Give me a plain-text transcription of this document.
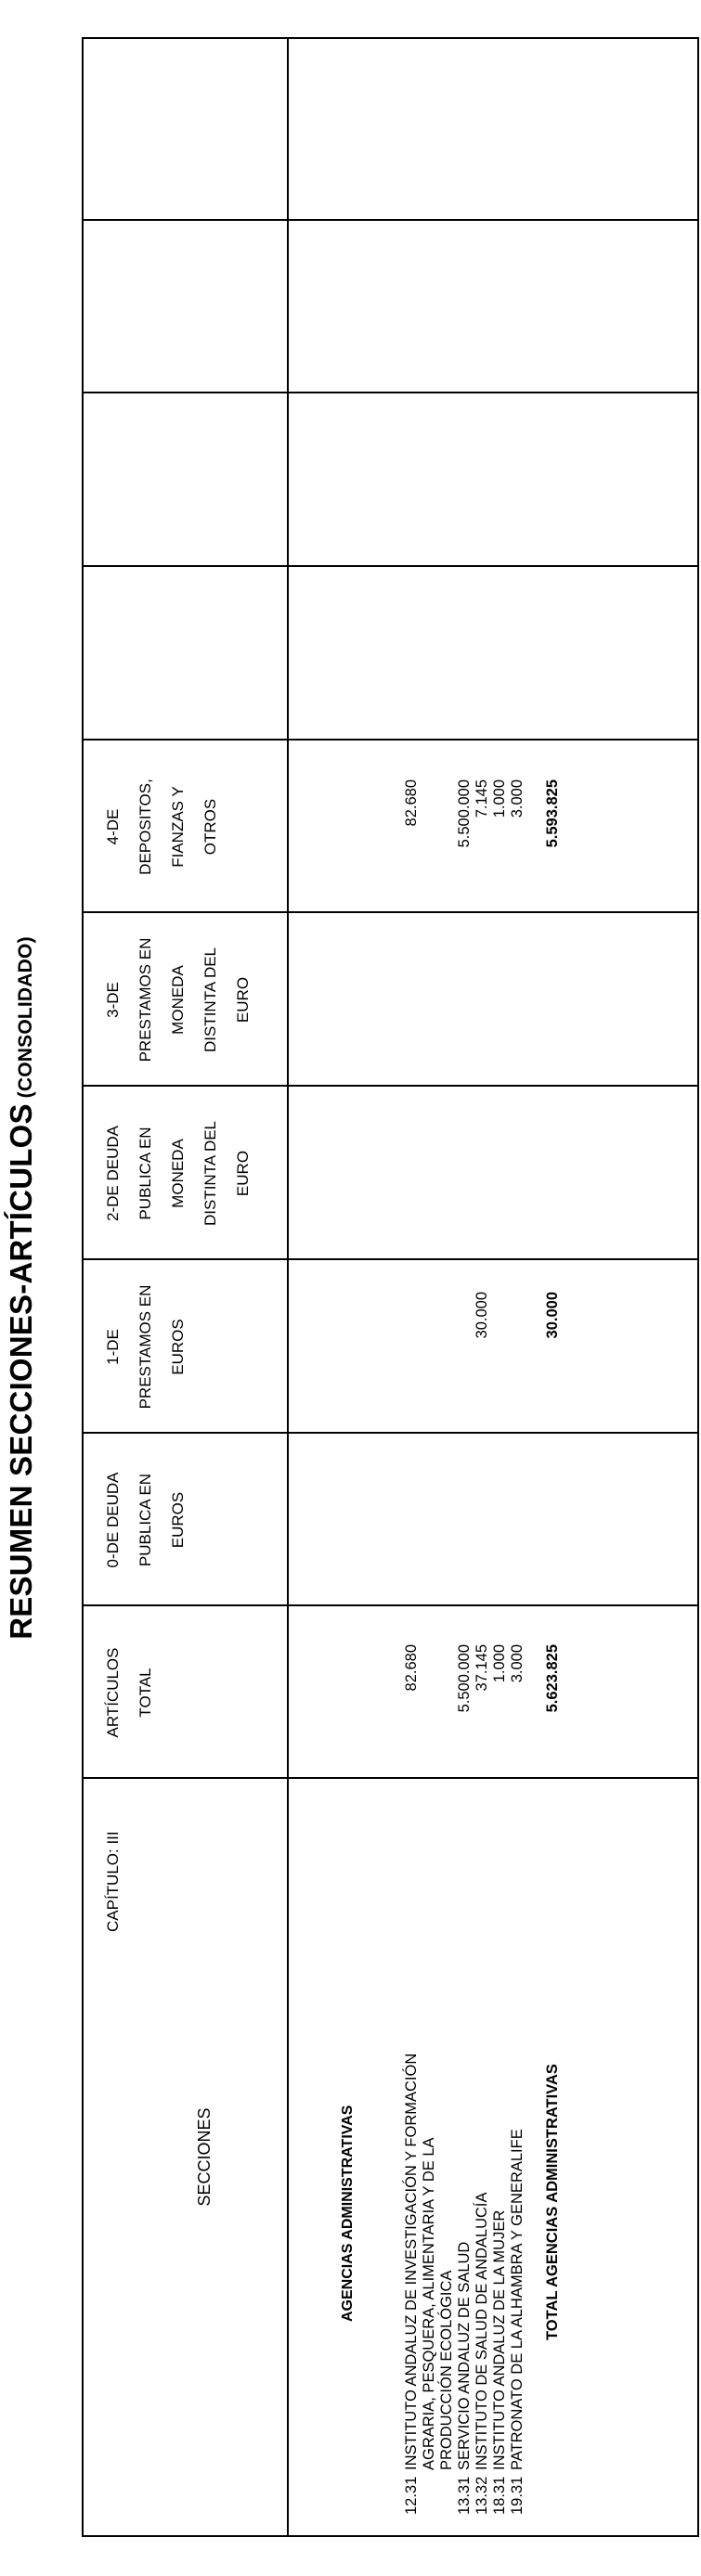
RESUMEN SECCIONES-ARTÍCULOS(CONSOLIDADO)
CAPÍTULO: III
SECCIONES
ARTÍCULOS TOTAL
0-DE DEUDA PUBLICA EN EUROS
1-DE PRESTAMOS EN EUROS
2-DE DEUDA PUBLICA EN MONEDA DISTINTA DEL EURO
3-DE PRESTAMOS EN MONEDA DISTINTA DEL EURO
4-DE DEPOSITOS, FIANZAS Y OTROS
AGENCIAS ADMINISTRATIVAS
12.31
INSTITUTO ANDALUZ DE INVESTIGACIÓN Y FORMACIÓN AGRARIA, PESQUERA, ALIMENTARIA Y DE LA PRODUCCIÓN ECOLÓGICA
13.31SERVICIO ANDALUZ DE SALUD
13.32INSTITUTO DE SALUD DE ANDALUCÍA
18.31INSTITUTO ANDALUZ DE LA MUJER
19.31PATRONATO DE LA ALHAMBRA Y GENERALIFE
82.680 5.500.000 37.145 1.000 3.000
30.000
82.680 5.500.000 7.145 1.000 3.000
TOTAL AGENCIAS ADMINISTRATIVAS
5.623.825
30.000
5.593.825
